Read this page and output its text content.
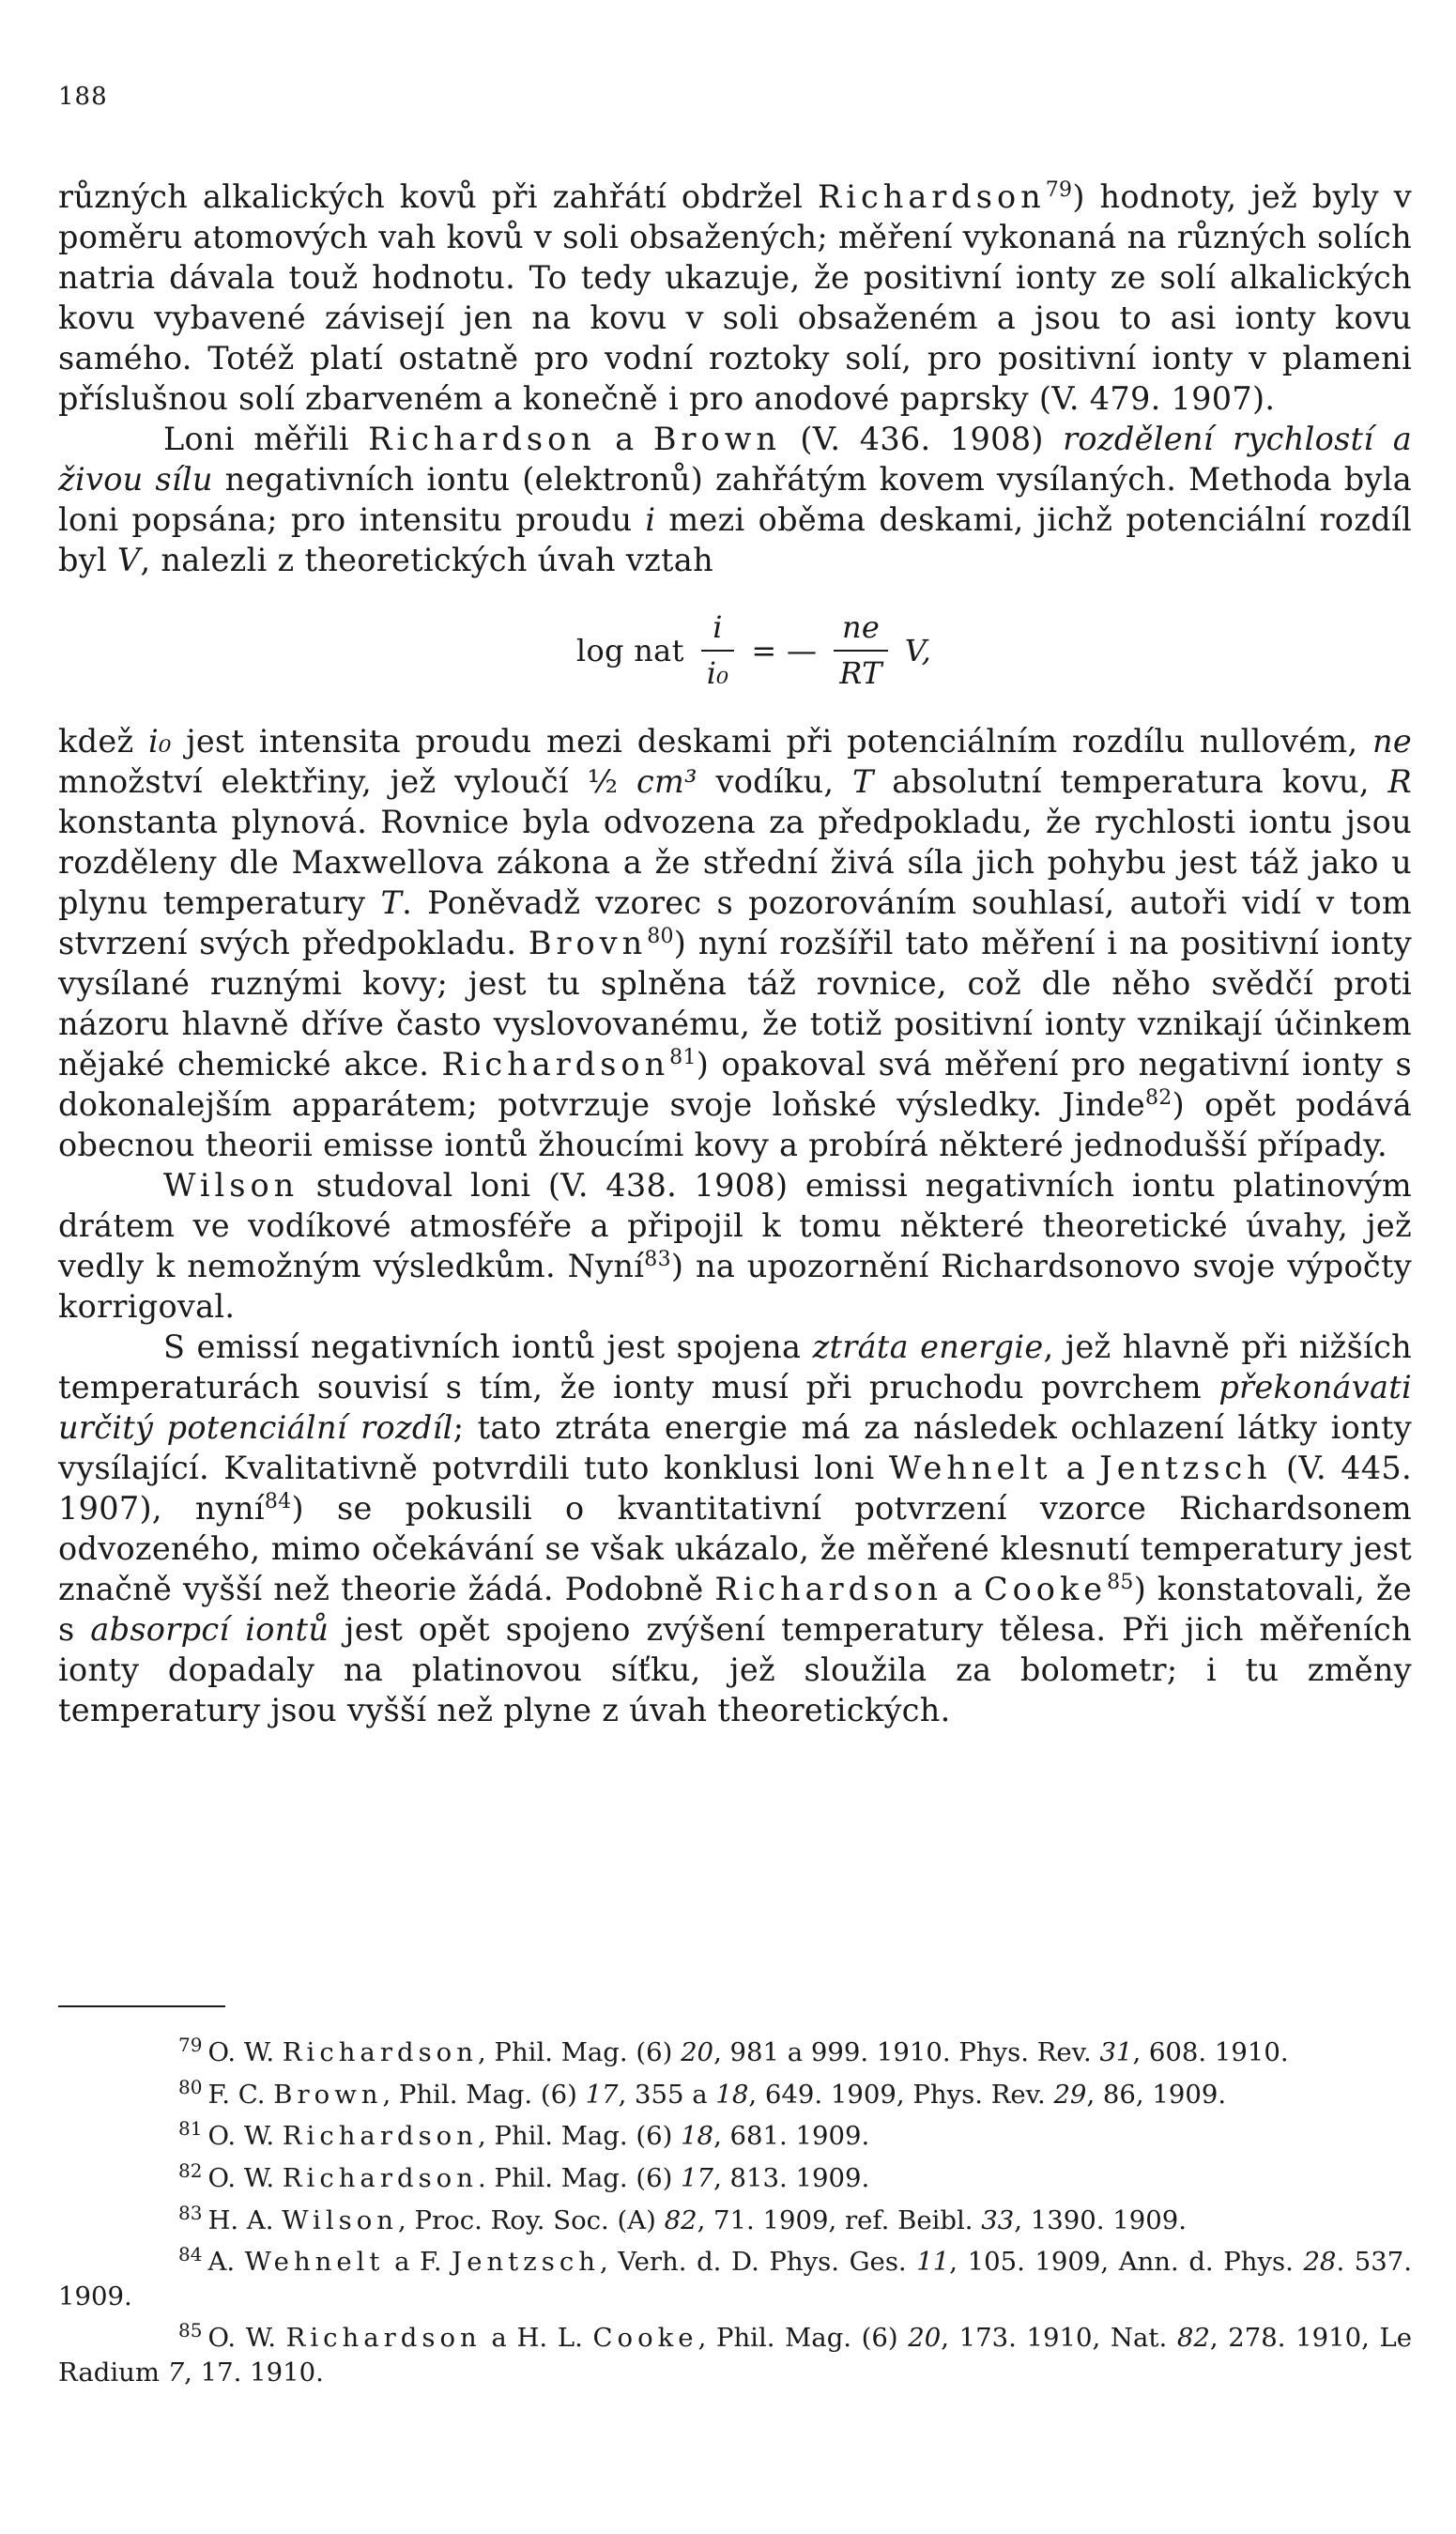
188

různých alkalických kovů při zahřátí obdržel Richardson$^{79}$) hodnoty, jež byly v poměru atomových vah kovů v soli obsažených; měření vykonaná na různých solích natria dávala touž hodnotu. To tedy ukazuje, že positivní ionty ze solí alkalických kovu vybavené závisejí jen na kovu v soli obsaženém a jsou to asi ionty kovu samého. Totéž platí ostatně pro vodní roztoky solí, pro positivní ionty v plameni příslušnou solí zbarveném a konečně i pro anodové paprsky (V. 479. 1907).

Loni měřili Richardson a Brown (V. 436. 1908) rozdělení rychlostí a živou sílu negativních iontu (elektronů) zahřátým kovem vysílaných. Methoda byla loni popsána; pro intensitu proudu i mezi oběma deskami, jichž potenciální rozdíl byl V, nalezli z theoretických úvah vztah

log nat $\frac{i}{\text{i₀}}$ = — $\frac{ne}{RT} V$,

kdež i₀ jest intensita proudu mezi deskami při potenciálním rozdílu nullovém, ne množství elektřiny, jež vyloučí ½ cm³ vodíku, T absolutní temperatura kovu, R konstanta plynová. Rovnice byla odvozena za předpokladu, že rychlosti iontu jsou rozděleny dle Maxwellova zákona a že střední živá síla jich pohybu jest táž jako u plynu temperatury T. Poněvadž vzorec s pozorováním souhlasí, autoři vidí v tom stvrzení svých předpokladu. Brovn$^{80}$) nyní rozšířil tato měření i na positivní ionty vysílané ruznými kovy; jest tu splněna táž rovnice, což dle něho svědčí proti názoru hlavně dříve často vyslovovanému, že totiž positivní ionty vznikají účinkem nějaké chemické akce. Richardson$^{81}$) opakoval svá měření pro negativní ionty s dokonalejším apparátem; potvrzuje svoje loňské výsledky. Jinde$^{82}$) opět podává obecnou theorii emisse iontů žhoucími kovy a probírá některé jednodušší případy.

Wilson studoval loni (V. 438. 1908) emissi negativních iontu platinovým drátem ve vodíkové atmosféře a připojil k tomu některé theoretické úvahy, jež vedly k nemožným výsledkům. Nyní$^{83}$) na upozornění Richardsonovo svoje výpočty korrigoval.

S emissí negativních iontů jest spojena ztráta energie, jež hlavně při nižších temperaturách souvisí s tím, že ionty musí při pruchodu povrchem překonávati určitý potenciální rozdíl; tato ztráta energie má za následek ochlazení látky ionty vysílající. Kvalitativně potvrdili tuto konklusi loni Wehnelt a Jentzsch (V. 445. 1907), nyní$^{84}$) se pokusili o kvantitativní potvrzení vzorce Richardsonem odvozeného, mimo očekávání se však ukázalo, že měřené klesnutí temperatury jest značně vyšší než theorie žádá. Podobně Richardson a Cooke$^{85}$) konstatovali, že s absorpcí iontů jest opět spojeno zvýšení temperatury tělesa. Při jich měřeních ionty dopadaly na platinovou síťku, jež sloužila za bolometr; i tu změny temperatury jsou vyšší než plyne z úvah theoretických.

$^{79}$ O. W. Richardson, Phil. Mag. (6) 20, 981 a 999. 1910. Phys. Rev. 31, 608. 1910.

$^{80}$ F. C. Brown, Phil. Mag. (6) 17, 355 a 18, 649. 1909, Phys. Rev. 29, 86, 1909.

$^{81}$ O. W. Richardson, Phil. Mag. (6) 18, 681. 1909.

$^{82}$ O. W. Richardson. Phil. Mag. (6) 17, 813. 1909.

$^{83}$ H. A. Wilson, Proc. Roy. Soc. (A) 82, 71. 1909, ref. Beibl. 33, 1390. 1909.

$^{84}$ A. Wehnelt a F. Jentzsch, Verh. d. D. Phys. Ges. 11, 105. 1909, Ann. d. Phys. 28. 537. 1909.

$^{85}$ O. W. Richardson a H. L. Cooke, Phil. Mag. (6) 20, 173. 1910, Nat. 82, 278. 1910, Le Radium 7, 17. 1910.
